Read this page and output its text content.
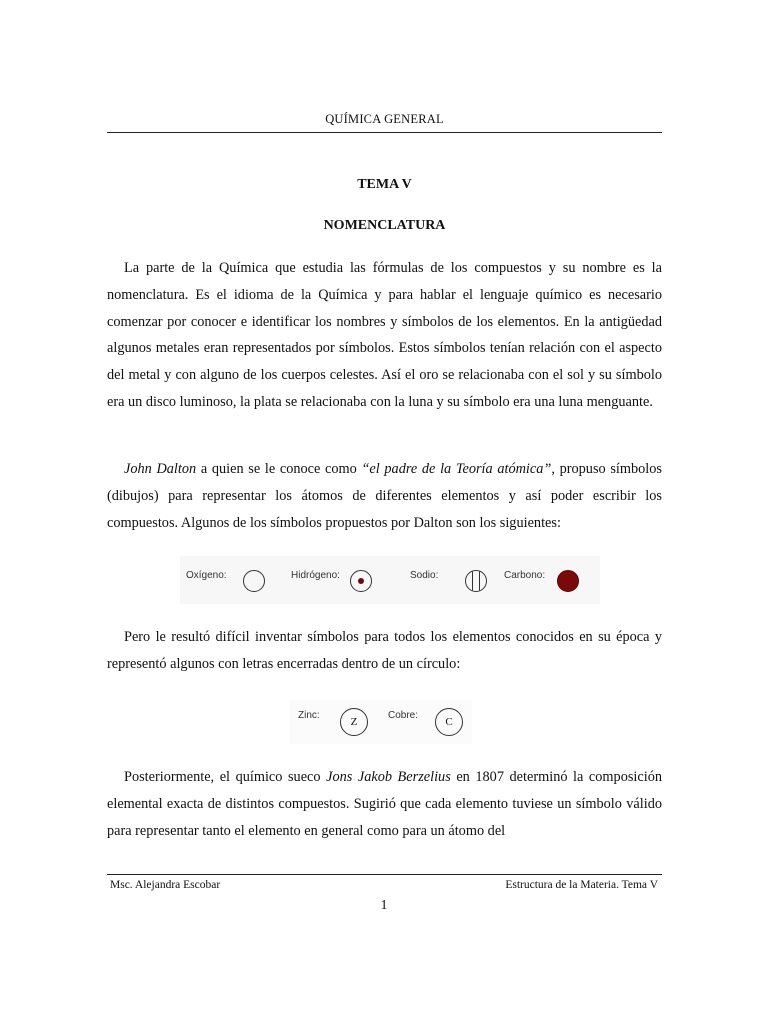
QUÍMICA GENERAL
TEMA V
NOMENCLATURA

La parte de la Química que estudia las fórmulas de los compuestos y su nombre es la nomenclatura. Es el idioma de la Química y para hablar el lenguaje químico es necesario comenzar por conocer e identificar los nombres y símbolos de los elementos. En la antigüedad algunos metales eran representados por símbolos. Estos símbolos tenían relación con el aspecto del metal y con alguno de los cuerpos celestes. Así el oro se relacionaba con el sol y su símbolo era un disco luminoso, la plata se relacionaba con la luna y su símbolo era una luna menguante.

John Dalton a quien se le conoce como “el padre de la Teoría atómica”, propuso símbolos (dibujos) para representar los átomos de diferentes elementos y así poder escribir los compuestos. Algunos de los símbolos propuestos por Dalton son los siguientes:

Oxígeno:	Hidrógeno:	Sodio:	Carbono:

Pero le resultó difícil inventar símbolos para todos los elementos conocidos en su época y representó algunos con letras encerradas dentro de un círculo:

Zinc:
Z
Cobre:
C

Posteriormente, el químico sueco Jons Jakob Berzelius en 1807 determinó la composición elemental exacta de distintos compuestos. Sugirió que cada elemento tuviese un símbolo válido para representar tanto el elemento en general como para un átomo del

Msc. Alejandra Escobar	Estructura de la Materia. Tema V
1
